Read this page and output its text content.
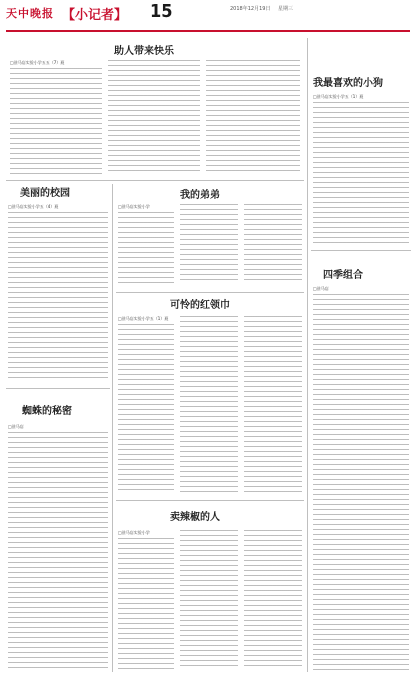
天中晚报 【小记者】 15	2018年12月19日 星期三
助人带来快乐
□驻马店实验小学五五（7）班
美丽的校园
□驻马店实验小学五（4）班
蜘蛛的秘密
□驻马店
我的弟弟
□驻马店实验小学
可怜的红领巾
□驻马店实验小学五（1）班
卖辣椒的人
□驻马店实验小学
我最喜欢的小狗
□驻马店实验小学五（1）班
四季组合
□驻马店
